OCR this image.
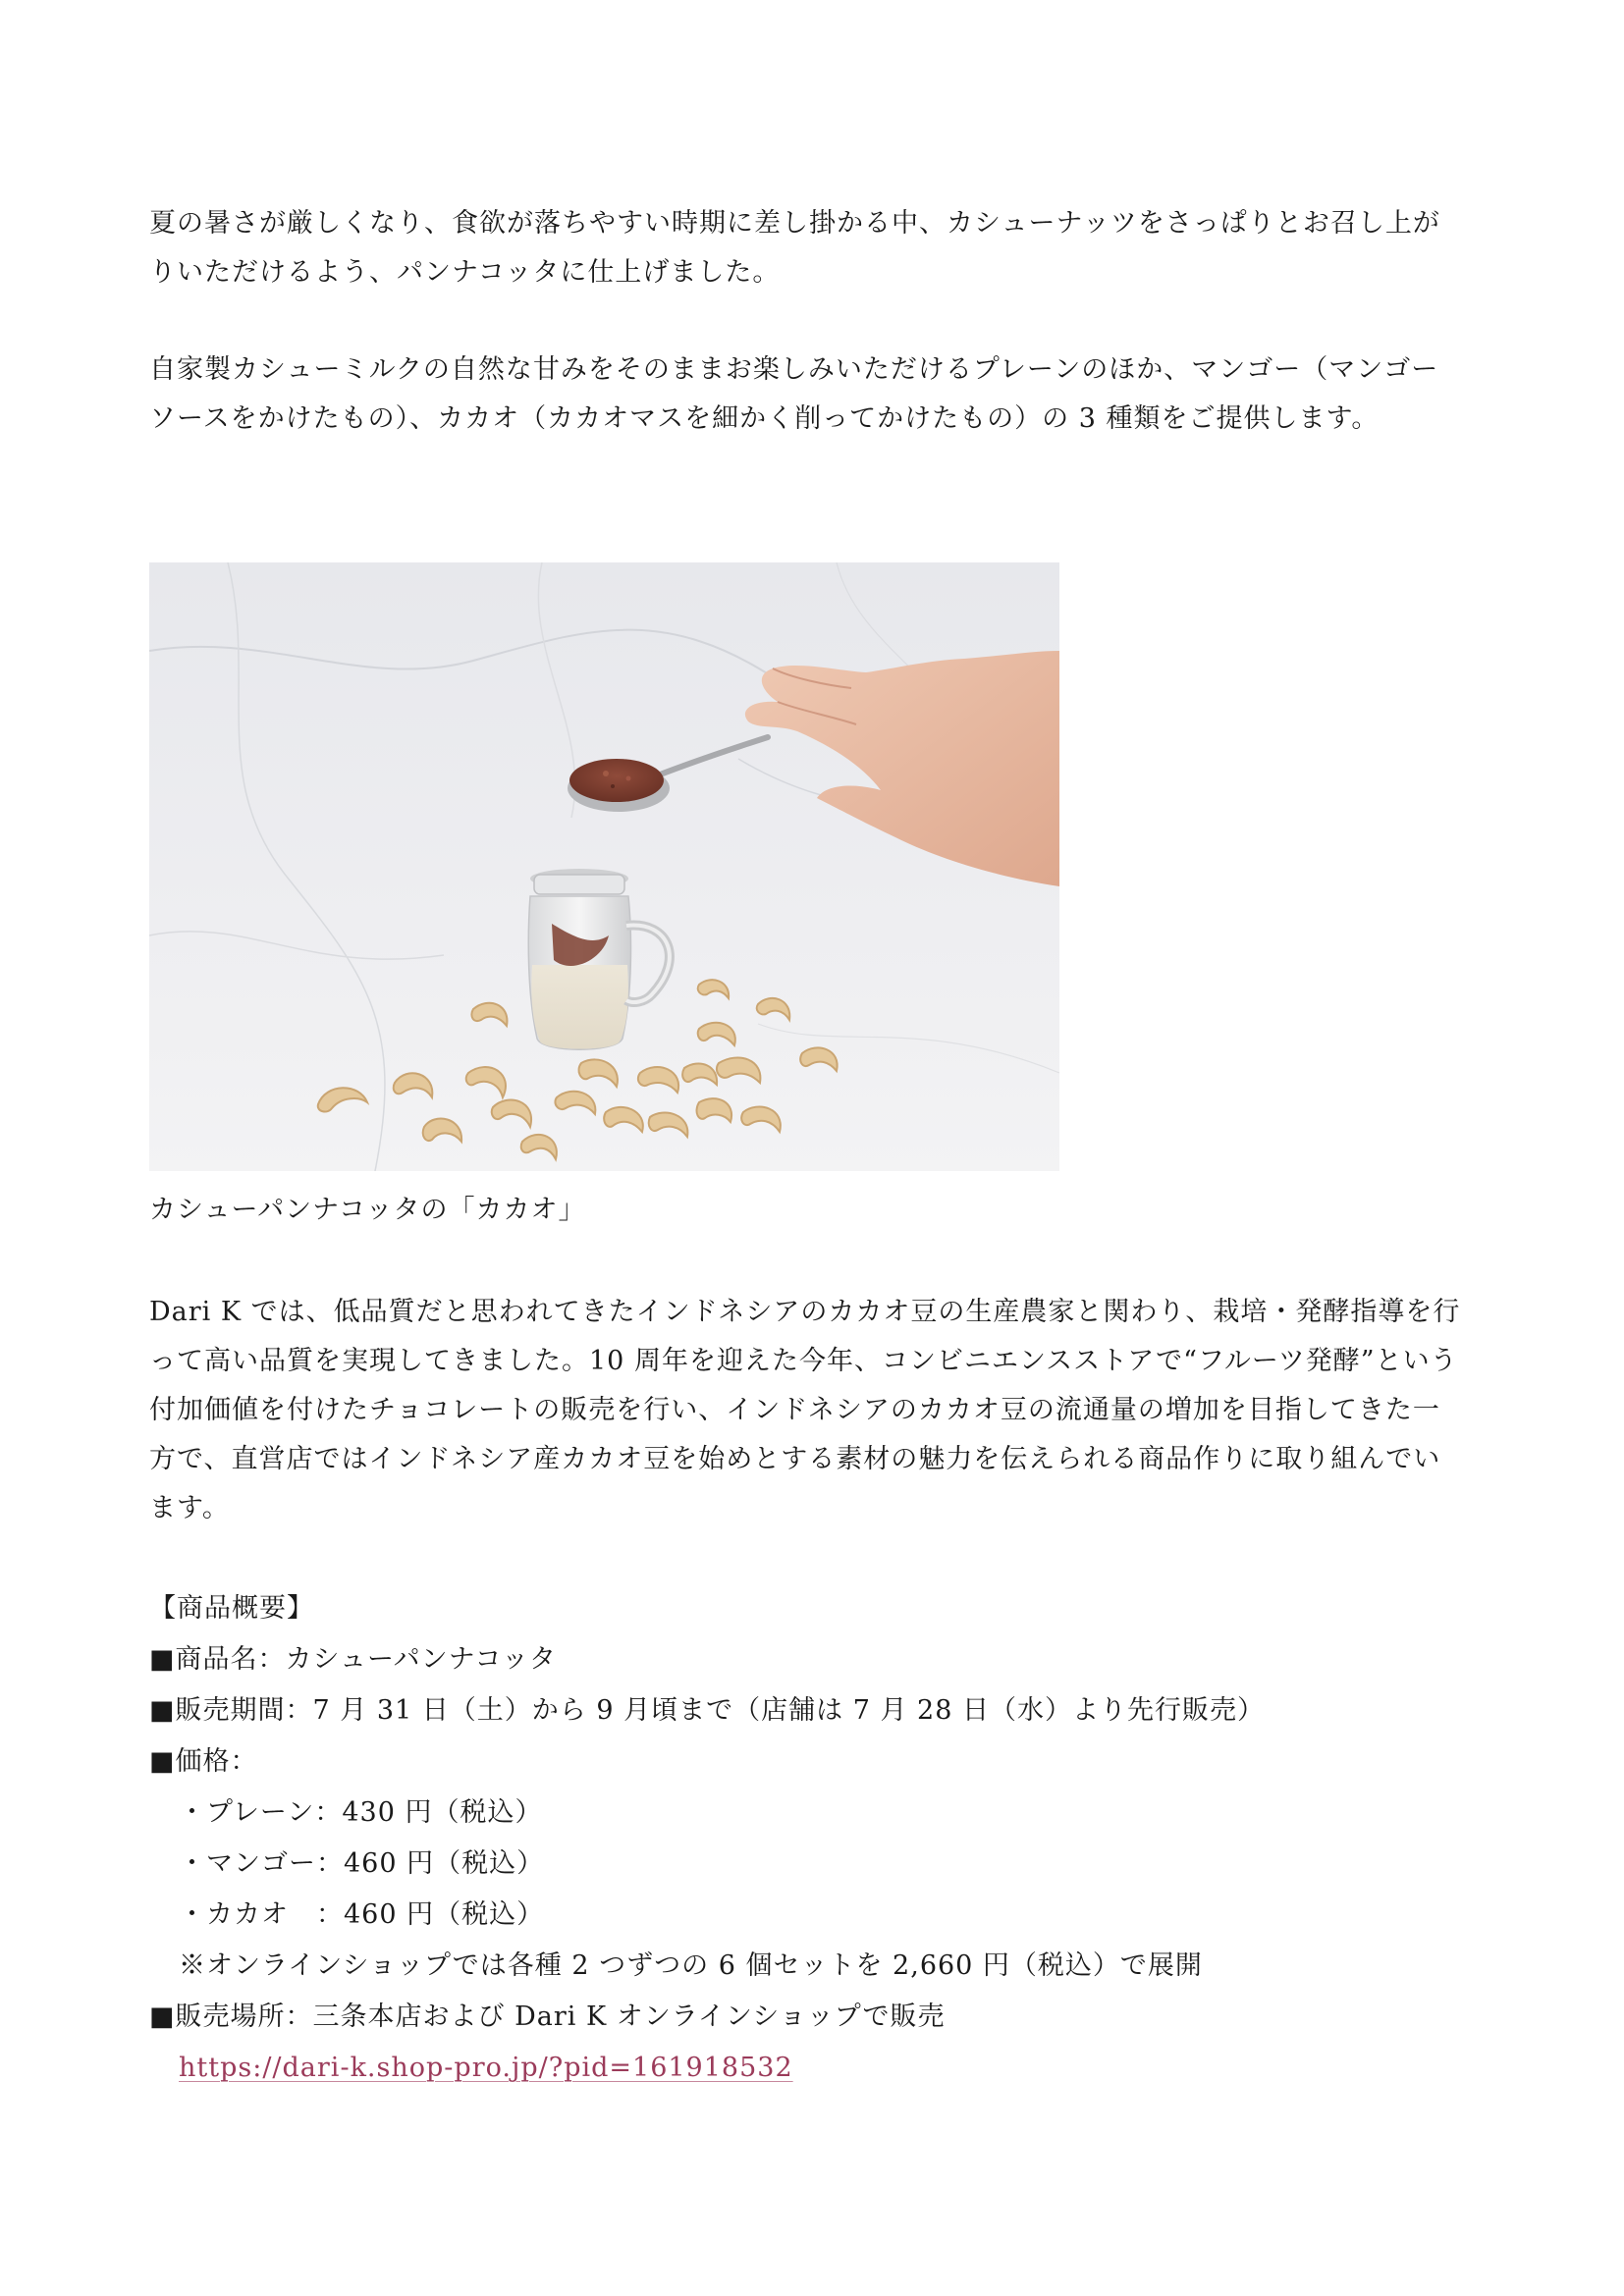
夏の暑さが厳しくなり、食欲が落ちやすい時期に差し掛かる中、カシューナッツをさっぱりとお召し上がりいただけるよう、パンナコッタに仕上げました。

自家製カシューミルクの自然な甘みをそのままお楽しみいただけるプレーンのほか、マンゴー（マンゴーソースをかけたもの）、カカオ（カカオマスを細かく削ってかけたもの）の 3 種類をご提供します。

カシューパンナコッタの「カカオ」

Dari K では、低品質だと思われてきたインドネシアのカカオ豆の生産農家と関わり、栽培・発酵指導を行って高い品質を実現してきました。10 周年を迎えた今年、コンビニエンスストアで“フルーツ発酵”という付加価値を付けたチョコレートの販売を行い、インドネシアのカカオ豆の流通量の増加を目指してきた一方で、直営店ではインドネシア産カカオ豆を始めとする素材の魅力を伝えられる商品作りに取り組んでいます。

【商品概要】
■商品名：カシューパンナコッタ
■販売期間：7 月 31 日（土）から 9 月頃まで（店舗は 7 月 28 日（水）より先行販売）
■価格：
・プレーン：430 円（税込）
・マンゴー：460 円（税込）
・カカオ　：460 円（税込）
※オンラインショップでは各種 2 つずつの 6 個セットを 2,660 円（税込）で展開
■販売場所：三条本店および Dari K オンラインショップで販売
https://dari-k.shop-pro.jp/?pid=161918532
